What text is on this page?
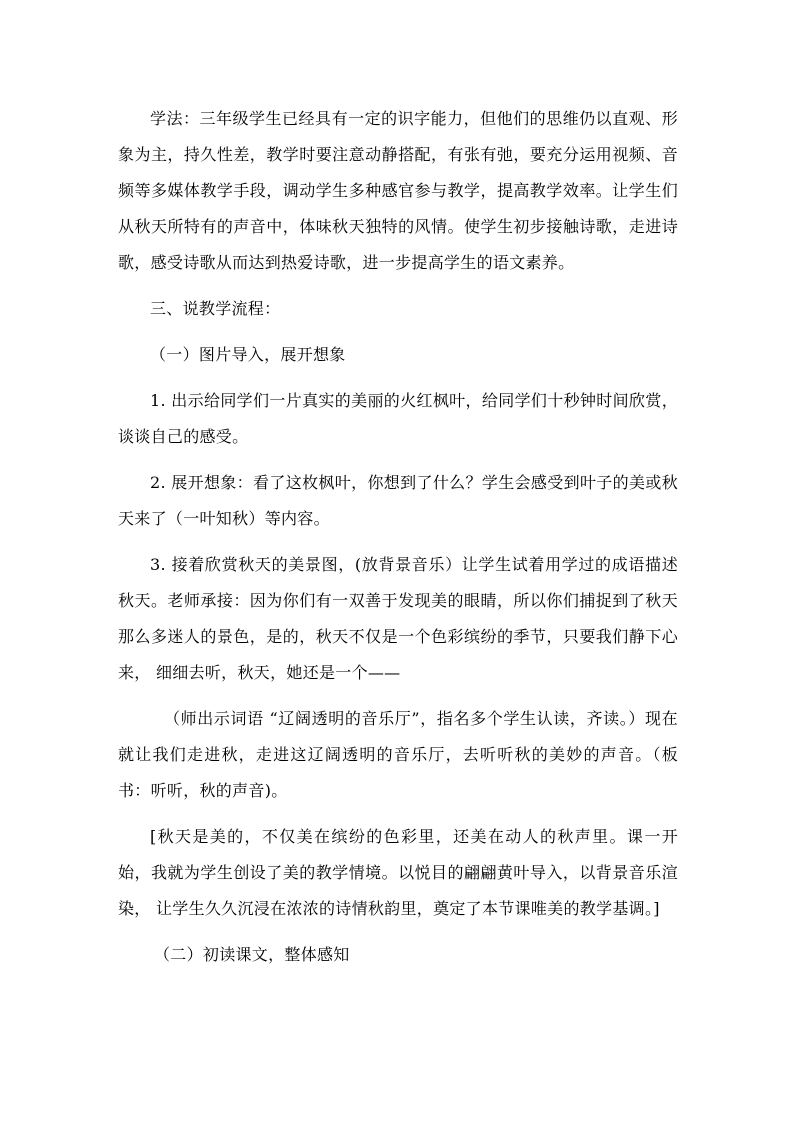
学法：三年级学生已经具有一定的识字能力，但他们的思维仍以直观、形象为主，持久性差，教学时要注意动静搭配，有张有弛，要充分运用视频、音频等多媒体教学手段，调动学生多种感官参与教学，提高教学效率。让学生们从秋天所特有的声音中，体味秋天独特的风情。使学生初步接触诗歌，走进诗歌，感受诗歌从而达到热爱诗歌，进一步提高学生的语文素养。

三、说教学流程：

（一）图片导入，展开想象

1. 出示给同学们一片真实的美丽的火红枫叶，给同学们十秒钟时间欣赏，谈谈自己的感受。

2. 展开想象：看了这枚枫叶，你想到了什么？学生会感受到叶子的美或秋天来了（一叶知秋）等内容。

3. 接着欣赏秋天的美景图，(放背景音乐）让学生试着用学过的成语描述秋天。老师承接：因为你们有一双善于发现美的眼睛，所以你们捕捉到了秋天那么多迷人的景色，是的，秋天不仅是一个色彩缤纷的季节，只要我们静下心来， 细细去听，秋天，她还是一个——

（师出示词语 “辽阔透明的音乐厅”，指名多个学生认读，齐读。）现在就让我们走进秋，走进这辽阔透明的音乐厅，去听听秋的美妙的声音。（板书：听听，秋的声音)。

[秋天是美的，不仅美在缤纷的色彩里，还美在动人的秋声里。课一开始，我就为学生创设了美的教学情境。以悦目的翩翩黄叶导入，以背景音乐渲染， 让学生久久沉浸在浓浓的诗情秋韵里，奠定了本节课唯美的教学基调。]

（二）初读课文，整体感知
